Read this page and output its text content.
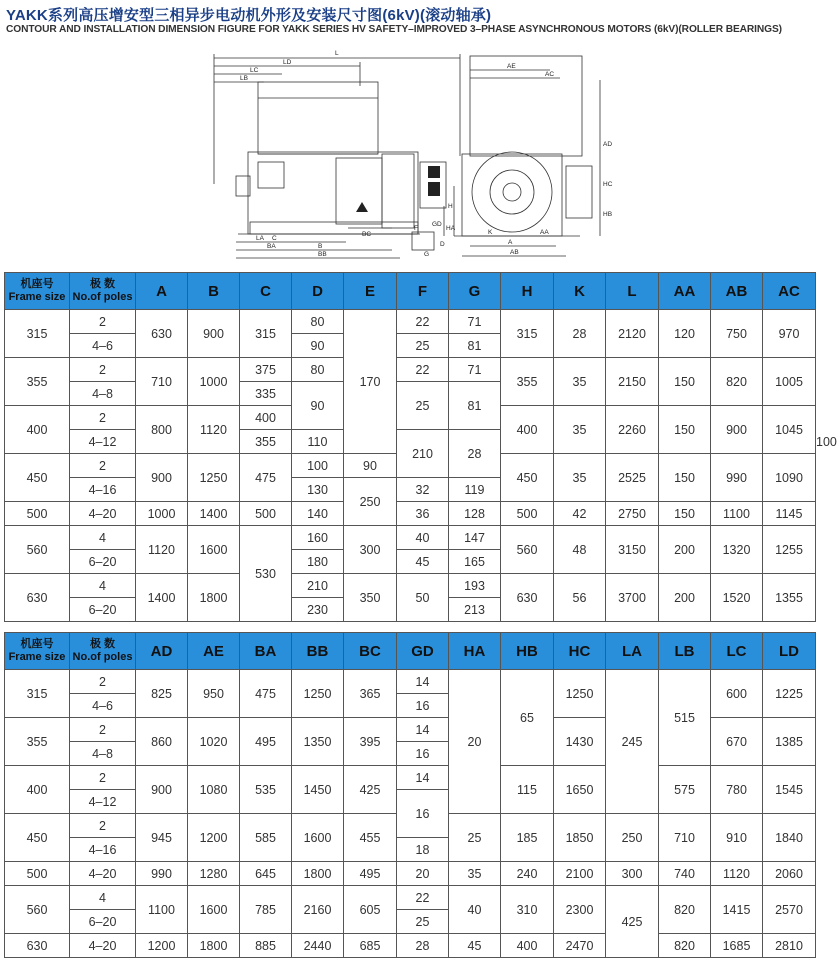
YAKK系列高压增安型三相异步电动机外形及安装尺寸图(6kV)(滚动轴承)
CONTOUR AND INSTALLATION DIMENSION FIGURE FOR YAKK SERIES HV SAFETY–IMPROVED 3–PHASE ASYNCHRONOUS MOTORS (6kV)(ROLLER BEARINGS)
L
LD
LC
LB
LA C
BA	B
BB
BC
GD
D
F
G
AE
AC
AD
H
HA
HB
HC
K
A
AA
AB
机座号
Frame size	极 数
No.of poles	A	B	C	D	E	F	G	H	K	L	AA	AB	AC	
315	2	630	900	315	80	170	22	71	315	28	2120	120	750	970	
	4–6				90		25	81							
355	2	710	1000	375	80		22	71	355	35	2150	150	820	1005	
	4–8			335	90		25	81							
400	2	800	1120	400					400	35	2260	150	900	1045	
	4–12			355	110		210	28							100
450	2	900	1250	475	100	90			450	35	2525	150	990	1090	
	4–16				130	250	32	119							
500	4–20	1000	1400	500	140		36	128	500	42	2750	150	1100	1145	
560	4	1120	1600	530	160	300	40	147	560	48	3150	200	1320	1255	
	6–20				180		45	165							
630	4	1400	1800		210	350	50	193	630	56	3700	200	1520	1355	
	6–20				230			213							
机座号
Frame size	极 数
No.of poles	AD	AE	BA	BB	BC	GD	HA	HB	HC	LA	LB	LC	LD
315	2	825	950	475	1250	365	14	20	65	1250	245	515	600	1225
	4–6						16							
355	2	860	1020	495	1350	395	14			1430			670	1385
	4–8						16							
400	2	900	1080	535	1450	425	14		115	1650		575	780	1545
	4–12						16							
450	2	945	1200	585	1600	455		25	185	1850	250	710	910	1840
	4–16						18							
500	4–20	990	1280	645	1800	495	20	35	240	2100	300	740	1120	2060
560	4	1100	1600	785	2160	605	22	40	310	2300	425	820	1415	2570
	6–20						25							
630	4–20	1200	1800	885	2440	685	28	45	400	2470		820	1685	2810
